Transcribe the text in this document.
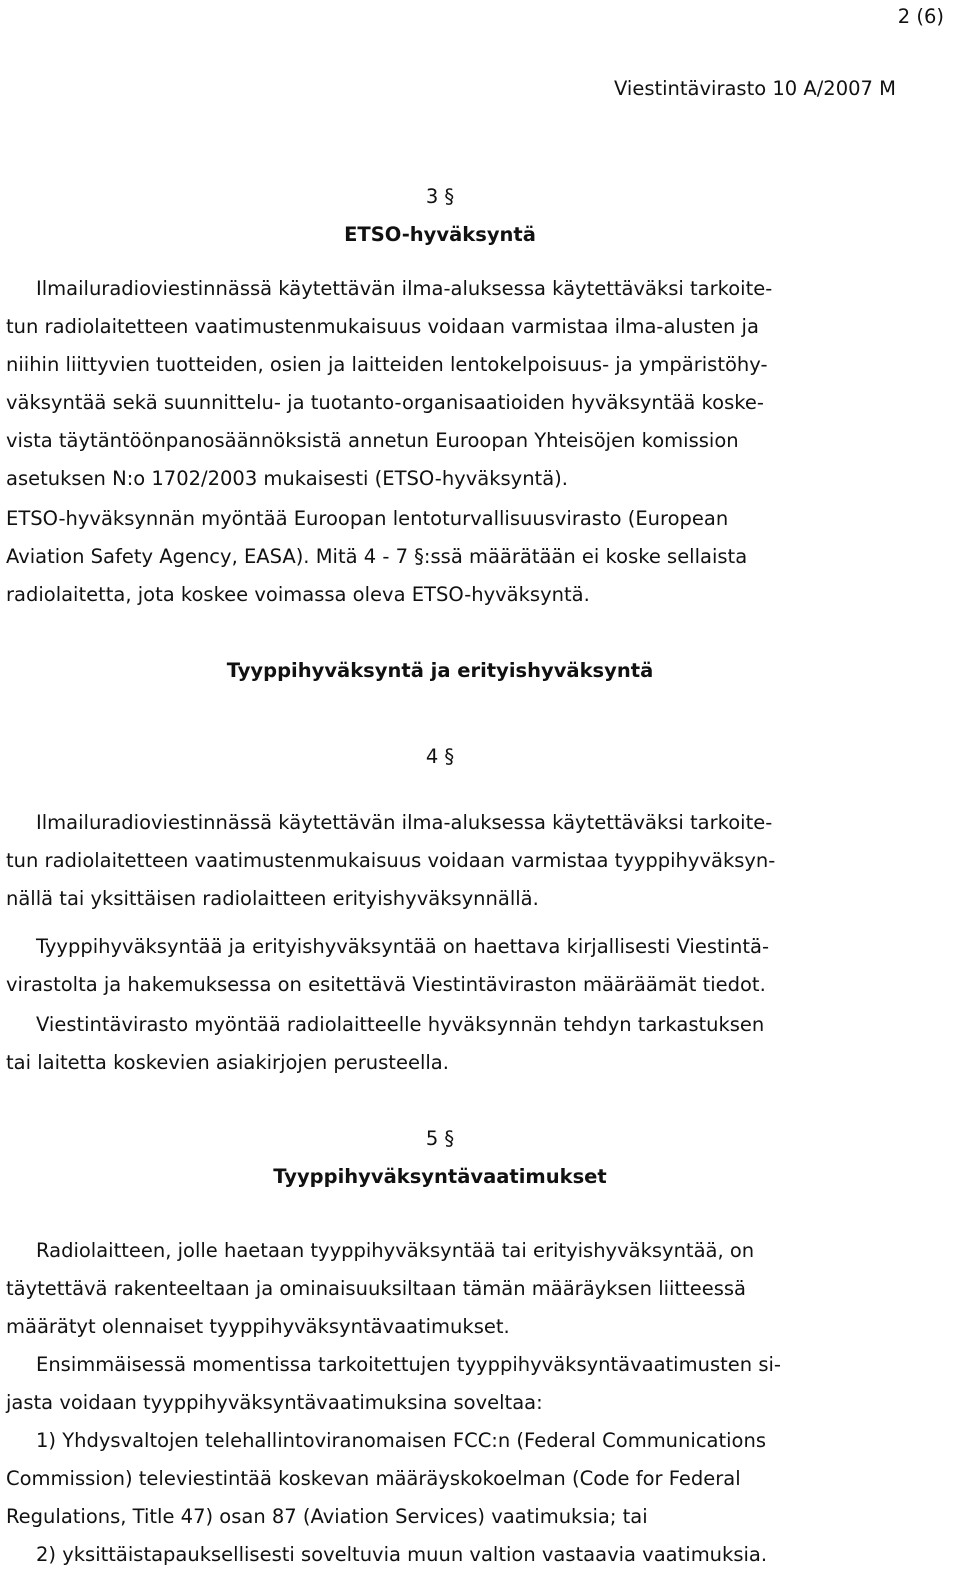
2 (6)
Viestintävirasto 10 A/2007 M
3 §
ETSO-hyväksyntä
Ilmailuradioviestinnässä käytettävän ilma-aluksessa käytettäväksi tarkoite-
tun radiolaitetteen vaatimustenmukaisuus voidaan varmistaa ilma-alusten ja
niihin liittyvien tuotteiden, osien ja laitteiden lentokelpoisuus- ja ympäristöhy-
väksyntää sekä suunnittelu- ja tuotanto-organisaatioiden hyväksyntää koske-
vista täytäntöönpanosäännöksistä annetun Euroopan Yhteisöjen komission
asetuksen N:o 1702/2003 mukaisesti (ETSO-hyväksyntä).
ETSO-hyväksynnän myöntää Euroopan lentoturvallisuusvirasto (European
Aviation Safety Agency, EASA). Mitä 4 - 7 §:ssä määrätään ei koske sellaista
radiolaitetta, jota koskee voimassa oleva ETSO-hyväksyntä.
Tyyppihyväksyntä ja erityishyväksyntä
4 §
Ilmailuradioviestinnässä käytettävän ilma-aluksessa käytettäväksi tarkoite-
tun radiolaitetteen vaatimustenmukaisuus voidaan varmistaa tyyppihyväksyn-
nällä tai yksittäisen radiolaitteen erityishyväksynnällä.
Tyyppihyväksyntää ja erityishyväksyntää on haettava kirjallisesti Viestintä-
virastolta ja hakemuksessa on esitettävä Viestintäviraston määräämät tiedot.
Viestintävirasto myöntää radiolaitteelle hyväksynnän tehdyn tarkastuksen
tai laitetta koskevien asiakirjojen perusteella.
5 §
Tyyppihyväksyntävaatimukset
Radiolaitteen, jolle haetaan tyyppihyväksyntää tai erityishyväksyntää, on
täytettävä rakenteeltaan ja ominaisuuksiltaan tämän määräyksen liitteessä
määrätyt olennaiset tyyppihyväksyntävaatimukset.
Ensimmäisessä momentissa tarkoitettujen tyyppihyväksyntävaatimusten si-
jasta voidaan tyyppihyväksyntävaatimuksina soveltaa:
1) Yhdysvaltojen telehallintoviranomaisen FCC:n (Federal Communications
Commission) televiestintää koskevan määräyskokoelman (Code for Federal
Regulations, Title 47) osan 87 (Aviation Services) vaatimuksia; tai
2) yksittäistapauksellisesti soveltuvia muun valtion vastaavia vaatimuksia.
